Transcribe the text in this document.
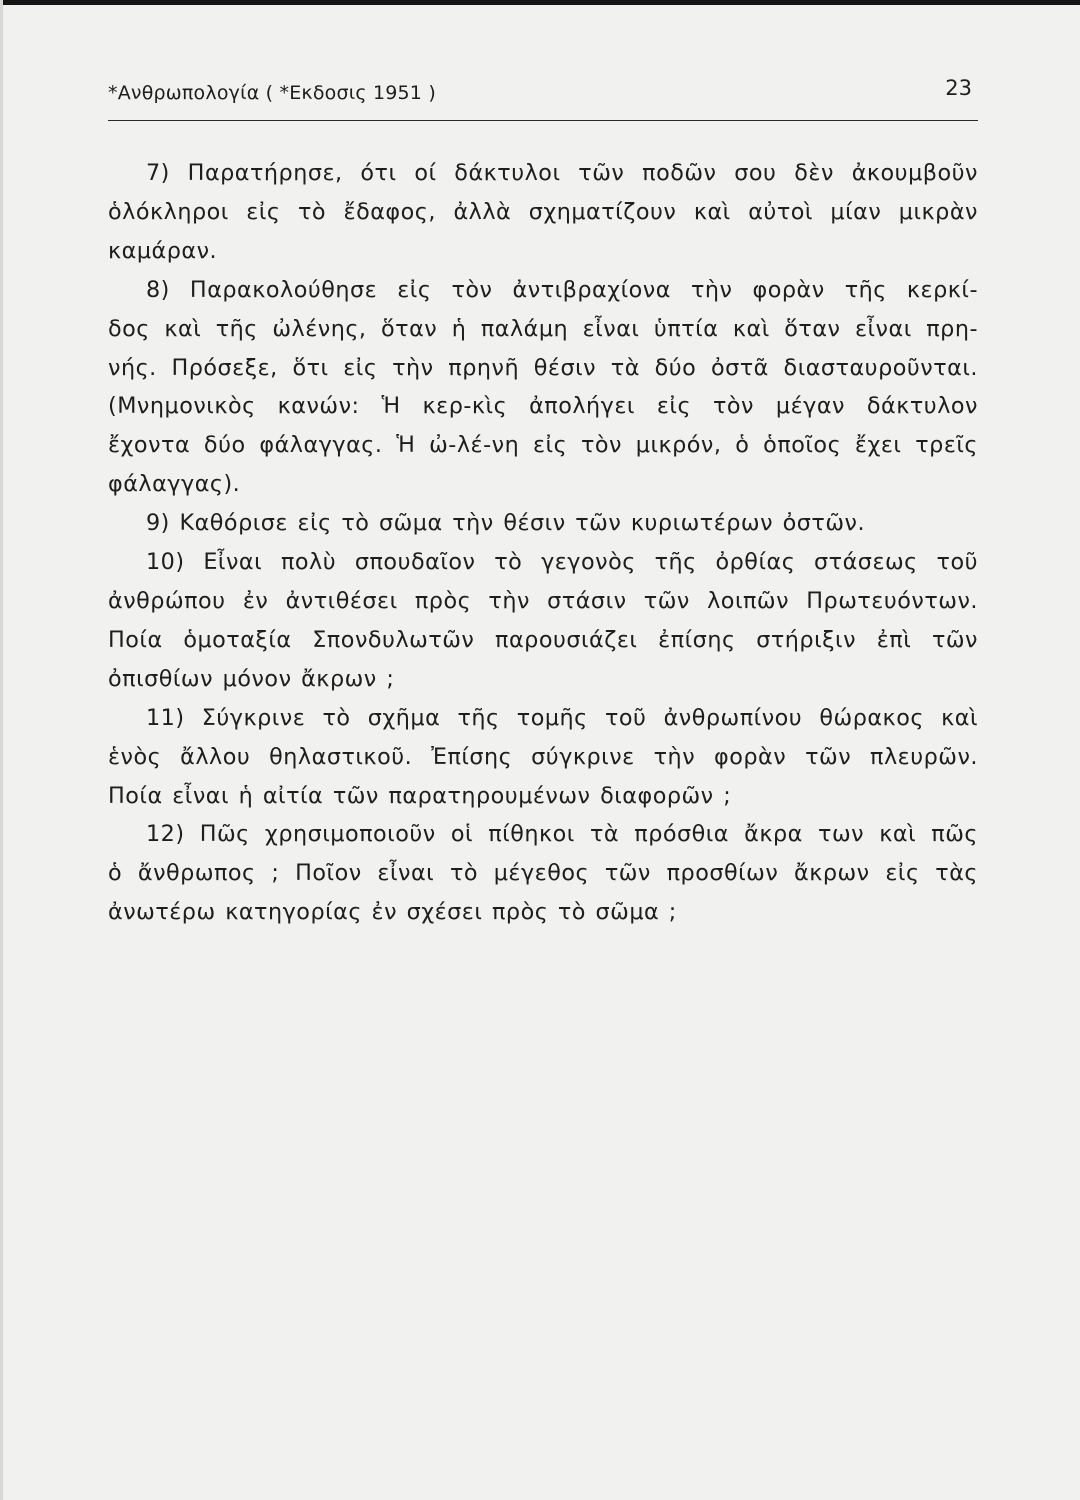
*Ανθρωπολογία ( *Εκδοσις 1951 )	23
7) Παρατήρησε, ότι οί δάκτυλοι τῶν ποδῶν σου δὲν ἀκουμβοῦν
ὁλόκληροι εἰς τὸ ἔδαφος, ἀλλὰ σχηματίζουν καὶ αὐτοὶ μίαν μικρὰν
καμάραν.
8) Παρακολούθησε εἰς τὸν ἀντιβραχίονα τὴν φορὰν τῆς κερκί-
δος καὶ τῆς ὠλένης, ὅταν ἡ παλάμη εἶναι ὑπτία καὶ ὅταν εἶναι πρη-
νής. Πρόσεξε, ὅτι εἰς τὴν πρηνῆ θέσιν τὰ δύο ὀστᾶ διασταυροῦνται.
(Μνημονικὸς κανών: Ἡ κερ-κὶς ἀπολήγει εἰς τὸν μέγαν δάκτυλον
ἔχοντα δύο φάλαγγας. Ἡ ὠ-λέ-νη εἰς τὸν μικρόν, ὁ ὁποῖος ἔχει τρεῖς
φάλαγγας).
9) Καθόρισε εἰς τὸ σῶμα τὴν θέσιν τῶν κυριωτέρων ὀστῶν.
10) Εἶναι πολὺ σπουδαῖον τὸ γεγονὸς τῆς ὀρθίας στάσεως τοῦ
ἀνθρώπου ἐν ἀντιθέσει πρὸς τὴν στάσιν τῶν λοιπῶν Πρωτευόντων.
Ποία ὁμοταξία Σπονδυλωτῶν παρουσιάζει ἐπίσης στήριξιν ἐπὶ τῶν
ὀπισθίων μόνον ἄκρων ;
11) Σύγκρινε τὸ σχῆμα τῆς τομῆς τοῦ ἀνθρωπίνου θώρακος καὶ
ἑνὸς ἄλλου θηλαστικοῦ. Ἐπίσης σύγκρινε τὴν φορὰν τῶν πλευρῶν.
Ποία εἶναι ἡ αἰτία τῶν παρατηρουμένων διαφορῶν ;
12) Πῶς χρησιμοποιοῦν οἱ πίθηκοι τὰ πρόσθια ἄκρα των καὶ πῶς
ὁ ἄνθρωπος ; Ποῖον εἶναι τὸ μέγεθος τῶν προσθίων ἄκρων εἰς τὰς
ἀνωτέρω κατηγορίας ἐν σχέσει πρὸς τὸ σῶμα ;
